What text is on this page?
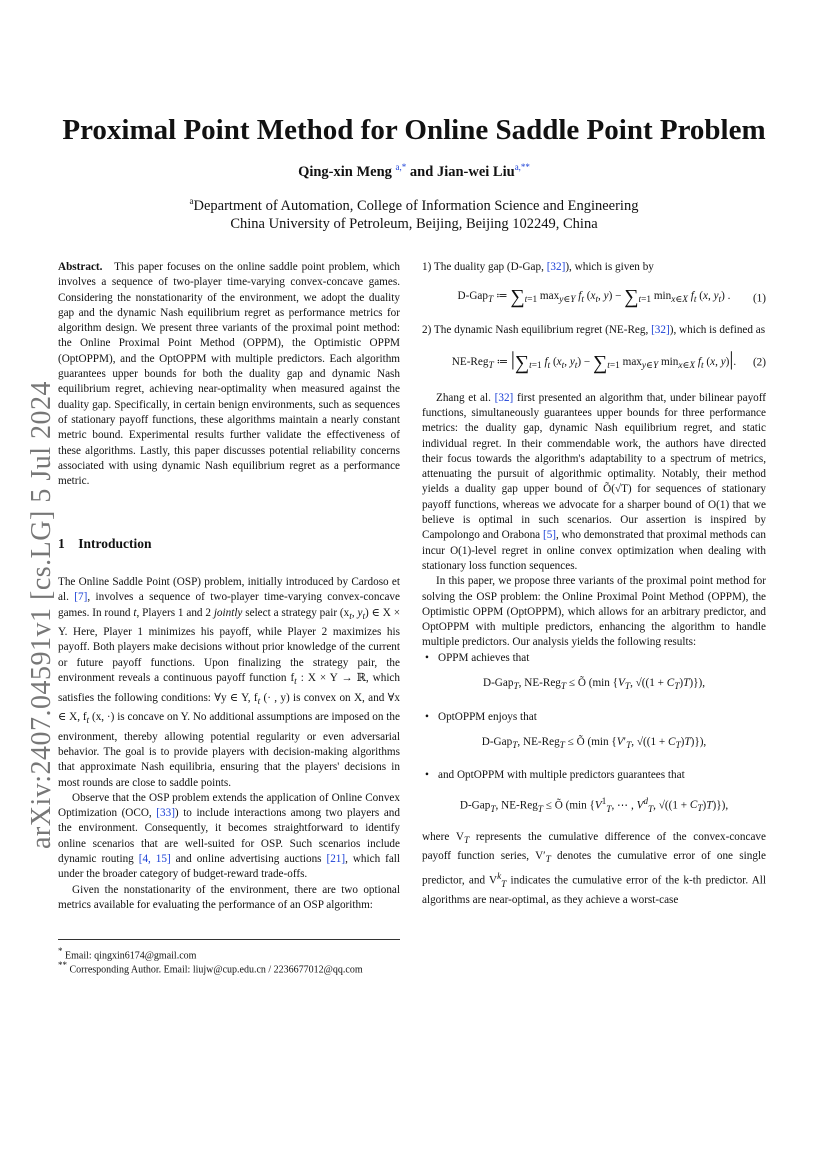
arXiv:2407.04591v1 [cs.LG] 5 Jul 2024
Proximal Point Method for Online Saddle Point Problem
Qing-xin Meng $^{a,*}$ and Jian-wei Liu$^{a,**}$
$^a$Department of Automation, College of Information Science and Engineering
China University of Petroleum, Beijing, Beijing 102249, China

Abstract. This paper focuses on the online saddle point problem, which involves a sequence of two-player time-varying convex-concave games. Considering the nonstationarity of the environment, we adopt the duality gap and the dynamic Nash equilibrium regret as performance metrics for algorithm design. We present three variants of the proximal point method: the Online Proximal Point Method (OPPM), the Optimistic OPPM (OptOPPM), and the OptOPPM with multiple predictors. Each algorithm guarantees upper bounds for both the duality gap and dynamic Nash equilibrium regret, achieving near-optimality when measured against the duality gap. Specifically, in certain benign environments, such as sequences of stationary payoff functions, these algorithms maintain a nearly constant metric bound. Experimental results further validate the effectiveness of these algorithms. Lastly, this paper discusses potential reliability concerns associated with using dynamic Nash equilibrium regret as a performance metric.

1 Introduction

The Online Saddle Point (OSP) problem, initially introduced by Cardoso et al. [7], involves a sequence of two-player time-varying convex-concave games. In round t, Players 1 and 2 jointly select a strategy pair ($x_t$, $y_t$) ∈ X × Y. Here, Player 1 minimizes his payoff, while Player 2 maximizes his payoff. Both players make decisions without prior knowledge of the current or future payoff functions. Upon finalizing the strategy pair, the environment reveals a continuous payoff function $f_t$ : X × Y → ℝ, which satisfies the following conditions: ∀y ∈ Y, $f_t$ (· , y) is convex on X, and ∀x ∈ X, $f_t$ (x, ·) is concave on Y. No additional assumptions are imposed on the environment, thereby allowing potential regularity or even adversarial behavior. The goal is to provide players with decision-making algorithms that approximate Nash equilibria, ensuring that the players' decisions in most rounds are close to saddle points.

Observe that the OSP problem extends the application of Online Convex Optimization (OCO, [33]) to include interactions among two players and the environment. Consequently, it becomes straightforward to identify online scenarios that are well-suited for OSP. Such scenarios include dynamic routing [4, 15] and online advertising auctions [21], which fall under the broader category of budget-reward trade-offs.

Given the nonstationarity of the environment, there are two optional metrics available for evaluating the performance of an OSP algorithm:

* Email: qingxin6174@gmail.com
** Corresponding Author. Email: liujw@cup.edu.cn / 2236677012@qq.com

1) The duality gap (D-Gap, [32]), which is given by

D-Gap$_T$ ≔ $\sum_{t=1}$ $\max_{y\in Y} f_t$ ($x_t$, $y) - \sum_{t=1}$ $\min_{x\in X} f_t$ (x, $y_t$) . (1)

2) The dynamic Nash equilibrium regret (NE-Reg, [32]), which is defined as

NE-Reg$_T$ ≔ $|\sum_{t=1}$ $f_t$ ($x_t$, $y_t) - \sum_{t=1}$ $\max_{y\in Y} \min_{x\in X} f_t$ (x, y)|. (2)

Zhang et al. [32] first presented an algorithm that, under bilinear payoff functions, simultaneously guarantees upper bounds for three performance metrics: the duality gap, dynamic Nash equilibrium regret, and static individual regret. In their commendable work, the authors have directed their focus towards the algorithm's adaptability to a spectrum of metrics, attenuating the pursuit of algorithmic optimality. Notably, their method yields a duality gap upper bound of Õ(√T) for sequences of stationary payoff functions, whereas we advocate for a sharper bound of O(1) that we believe is optimal in such scenarios. Our assertion is inspired by Campolongo and Orabona [5], who demonstrated that proximal methods can incur O(1)-level regret in online convex optimization when dealing with stationary loss function sequences.

In this paper, we propose three variants of the proximal point method for solving the OSP problem: the Online Proximal Point Method (OPPM), the Optimistic OPPM (OptOPPM), which allows for an arbitrary predictor, and OptOPPM with multiple predictors, enhancing the algorithm to handle multiple predictors. Our analysis yields the following results:

• OPPM achieves that
D-Gap$_T$, NE-Reg$_T$ ≤ Õ (min {$V_T$, $√((1 + C_T)T)$}),
• OptOPPM enjoys that
D-Gap$_T$, NE-Reg$_T$ ≤ Õ (min {$V'_T$, $√((1 + C_T)T)$}),
• and OptOPPM with multiple predictors guarantees that
D-Gap$_T$, NE-Reg$_T$ ≤ Õ (min {$V^1_T$, ⋯ , $V^d_T$, $√((1 + C_T)T)$}),

where $V_T$ represents the cumulative difference of the convex-concave payoff function series, $V'_T$ denotes the cumulative error of one single predictor, and $V^k_T$ indicates the cumulative error of the k-th predictor. All algorithms are near-optimal, as they achieve a worst-case
